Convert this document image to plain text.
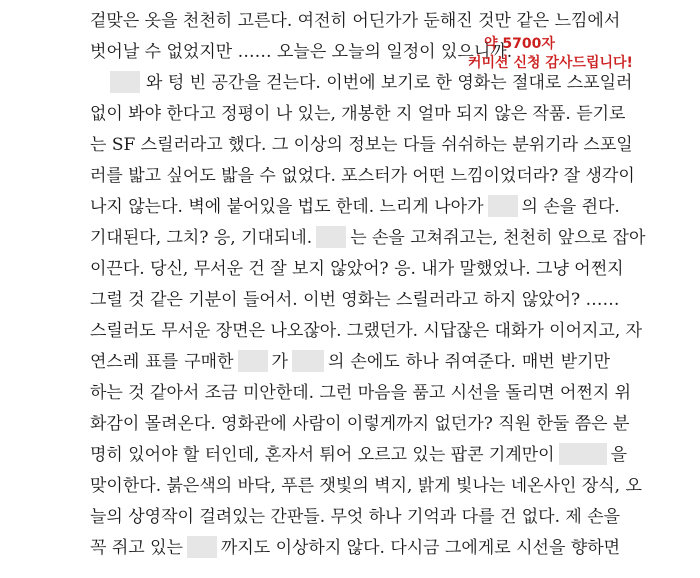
겉맞은 옷을 천천히 고른다. 여전히 어딘가가 둔해진 것만 같은 느낌에서
벗어날 수 없었지만 …… 오늘은 오늘의 일정이 있으니까.
와 텅 빈 공간을 걷는다. 이번에 보기로 한 영화는 절대로 스포일러
없이 봐야 한다고 정평이 나 있는, 개봉한 지 얼마 되지 않은 작품. 듣기로
는 SF 스릴러라고 했다. 그 이상의 정보는 다들 쉬쉬하는 분위기라 스포일
러를 밟고 싶어도 밟을 수 없었다. 포스터가 어떤 느낌이었더라? 잘 생각이
나지 않는다. 벽에 붙어있을 법도 한데. 느리게 나아가 의 손을 쥔다.
기대된다, 그치? 응, 기대되네. 는 손을 고쳐쥐고는, 천천히 앞으로 잡아
이끈다. 당신, 무서운 건 잘 보지 않았어? 응. 내가 말했었나. 그냥 어쩐지
그럴 것 같은 기분이 들어서. 이번 영화는 스릴러라고 하지 않았어? ……
스릴러도 무서운 장면은 나오잖아. 그랬던가. 시답잖은 대화가 이어지고, 자
연스레 표를 구매한 가 의 손에도 하나 쥐여준다. 매번 받기만
하는 것 같아서 조금 미안한데. 그런 마음을 품고 시선을 돌리면 어쩐지 위
화감이 몰려온다. 영화관에 사람이 이렇게까지 없던가? 직원 한둘 쯤은 분
명히 있어야 할 터인데, 혼자서 튀어 오르고 있는 팝콘 기계만이	을
맞이한다. 붉은색의 바닥, 푸른 잿빛의 벽지, 밝게 빛나는 네온사인 장식, 오
늘의 상영작이 걸려있는 간판들. 무엇 하나 기억과 다를 건 없다. 제 손을
꼭 쥐고 있는 까지도 이상하지 않다. 다시금 그에게로 시선을 향하면
약 5700자
커미션 신청 감사드립니다!
